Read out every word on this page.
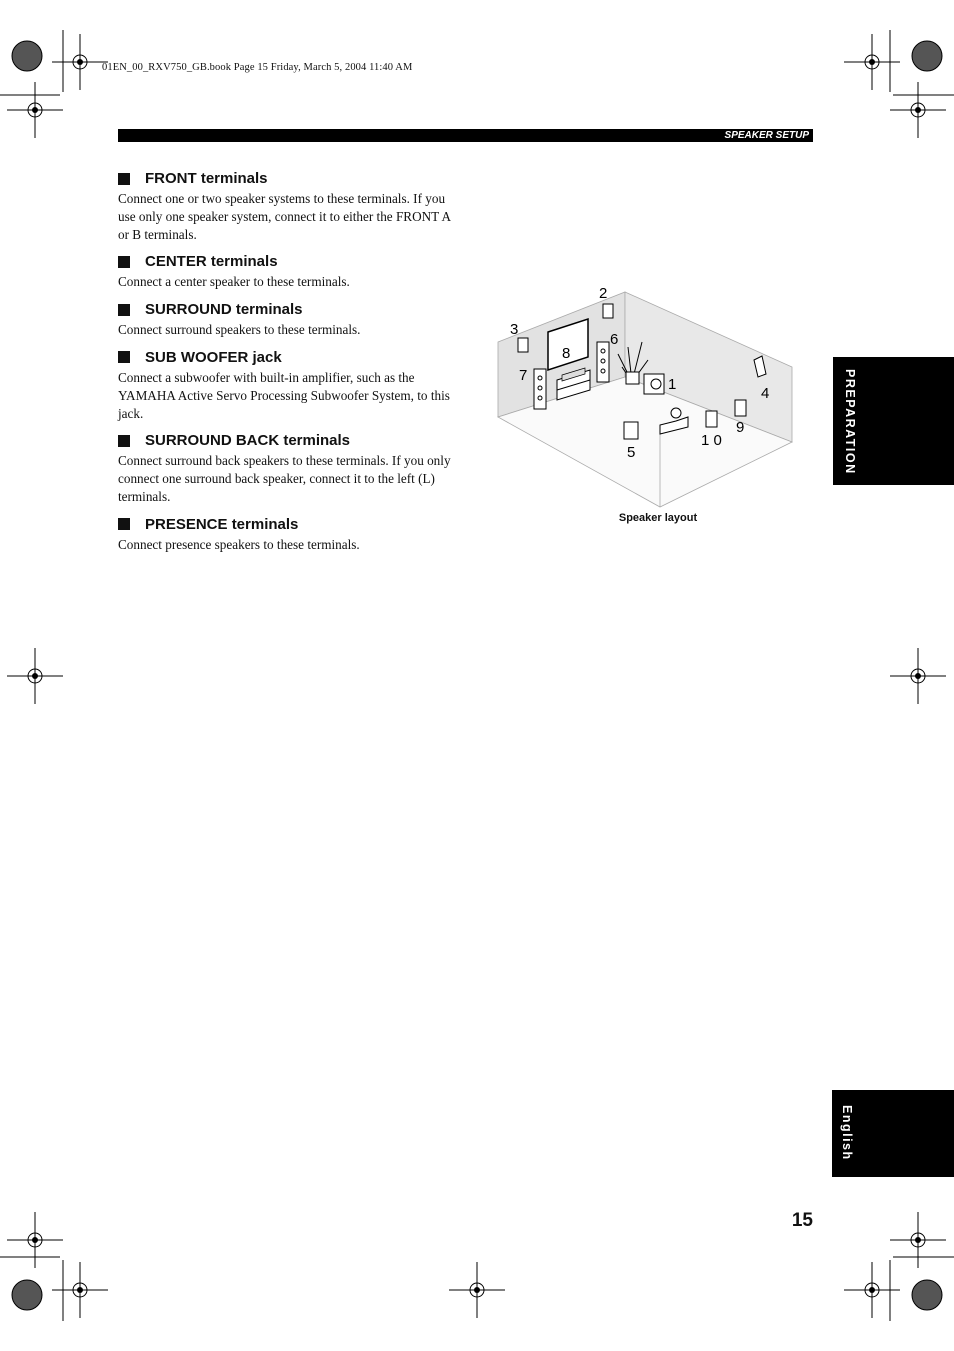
01EN_00_RXV750_GB.book Page 15 Friday, March 5, 2004 11:40 AM
SPEAKER SETUP
FRONT terminals

Connect one or two speaker systems to these terminals. If you use only one speaker system, connect it to either the FRONT A or B terminals.

CENTER terminals

Connect a center speaker to these terminals.

SURROUND terminals

Connect surround speakers to these terminals.

SUB WOOFER jack

Connect a subwoofer with built-in amplifier, such as the YAMAHA Active Servo Processing Subwoofer System, to this jack.

SURROUND BACK terminals

Connect surround back speakers to these terminals. If you only connect one surround back speaker, connect it to the left (L) terminals.

PRESENCE terminals

Connect presence speakers to these terminals.

1
2
3
4
5
6
7
8
9
1 0
Speaker layout
PREPARATION
English
15
